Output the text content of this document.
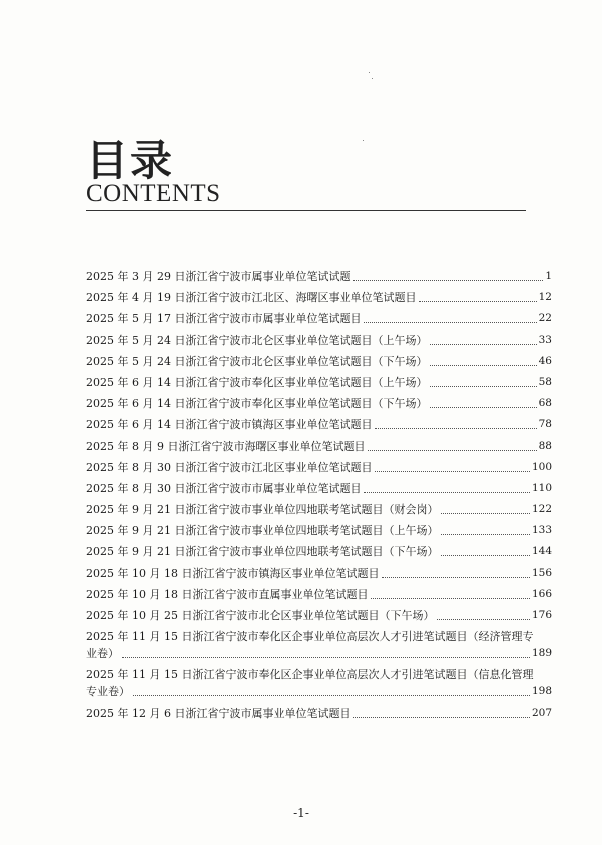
目录
CONTENTS
2025 年 3 月 29 日浙江省宁波市属事业单位笔试试题	1
2025 年 4 月 19 日浙江省宁波市江北区、海曙区事业单位笔试题目	12
2025 年 5 月 17 日浙江省宁波市市属事业单位笔试题目	22
2025 年 5 月 24 日浙江省宁波市北仑区事业单位笔试题目（上午场）	33
2025 年 5 月 24 日浙江省宁波市北仑区事业单位笔试题目（下午场）	46
2025 年 6 月 14 日浙江省宁波市奉化区事业单位笔试题目（上午场）	58
2025 年 6 月 14 日浙江省宁波市奉化区事业单位笔试题目（下午场）	68
2025 年 6 月 14 日浙江省宁波市镇海区事业单位笔试题目	78
2025 年 8 月 9 日浙江省宁波市海曙区事业单位笔试题目	88
2025 年 8 月 30 日浙江省宁波市江北区事业单位笔试题目	100
2025 年 8 月 30 日浙江省宁波市市属事业单位笔试题目	110
2025 年 9 月 21 日浙江省宁波市事业单位四地联考笔试题目（财会岗）	122
2025 年 9 月 21 日浙江省宁波市事业单位四地联考笔试题目（上午场）	133
2025 年 9 月 21 日浙江省宁波市事业单位四地联考笔试题目（下午场）	144
2025 年 10 月 18 日浙江省宁波市镇海区事业单位笔试题目	156
2025 年 10 月 18 日浙江省宁波市直属事业单位笔试题目	166
2025 年 10 月 25 日浙江省宁波市北仑区事业单位笔试题目（下午场）	176
2025 年 11 月 15 日浙江省宁波市奉化区企事业单位高层次人才引进笔试题目（经济管理专
业卷）	189
2025 年 11 月 15 日浙江省宁波市奉化区企事业单位高层次人才引进笔试题目（信息化管理
专业卷）	198
2025 年 12 月 6 日浙江省宁波市属事业单位笔试题目	207
-1-
